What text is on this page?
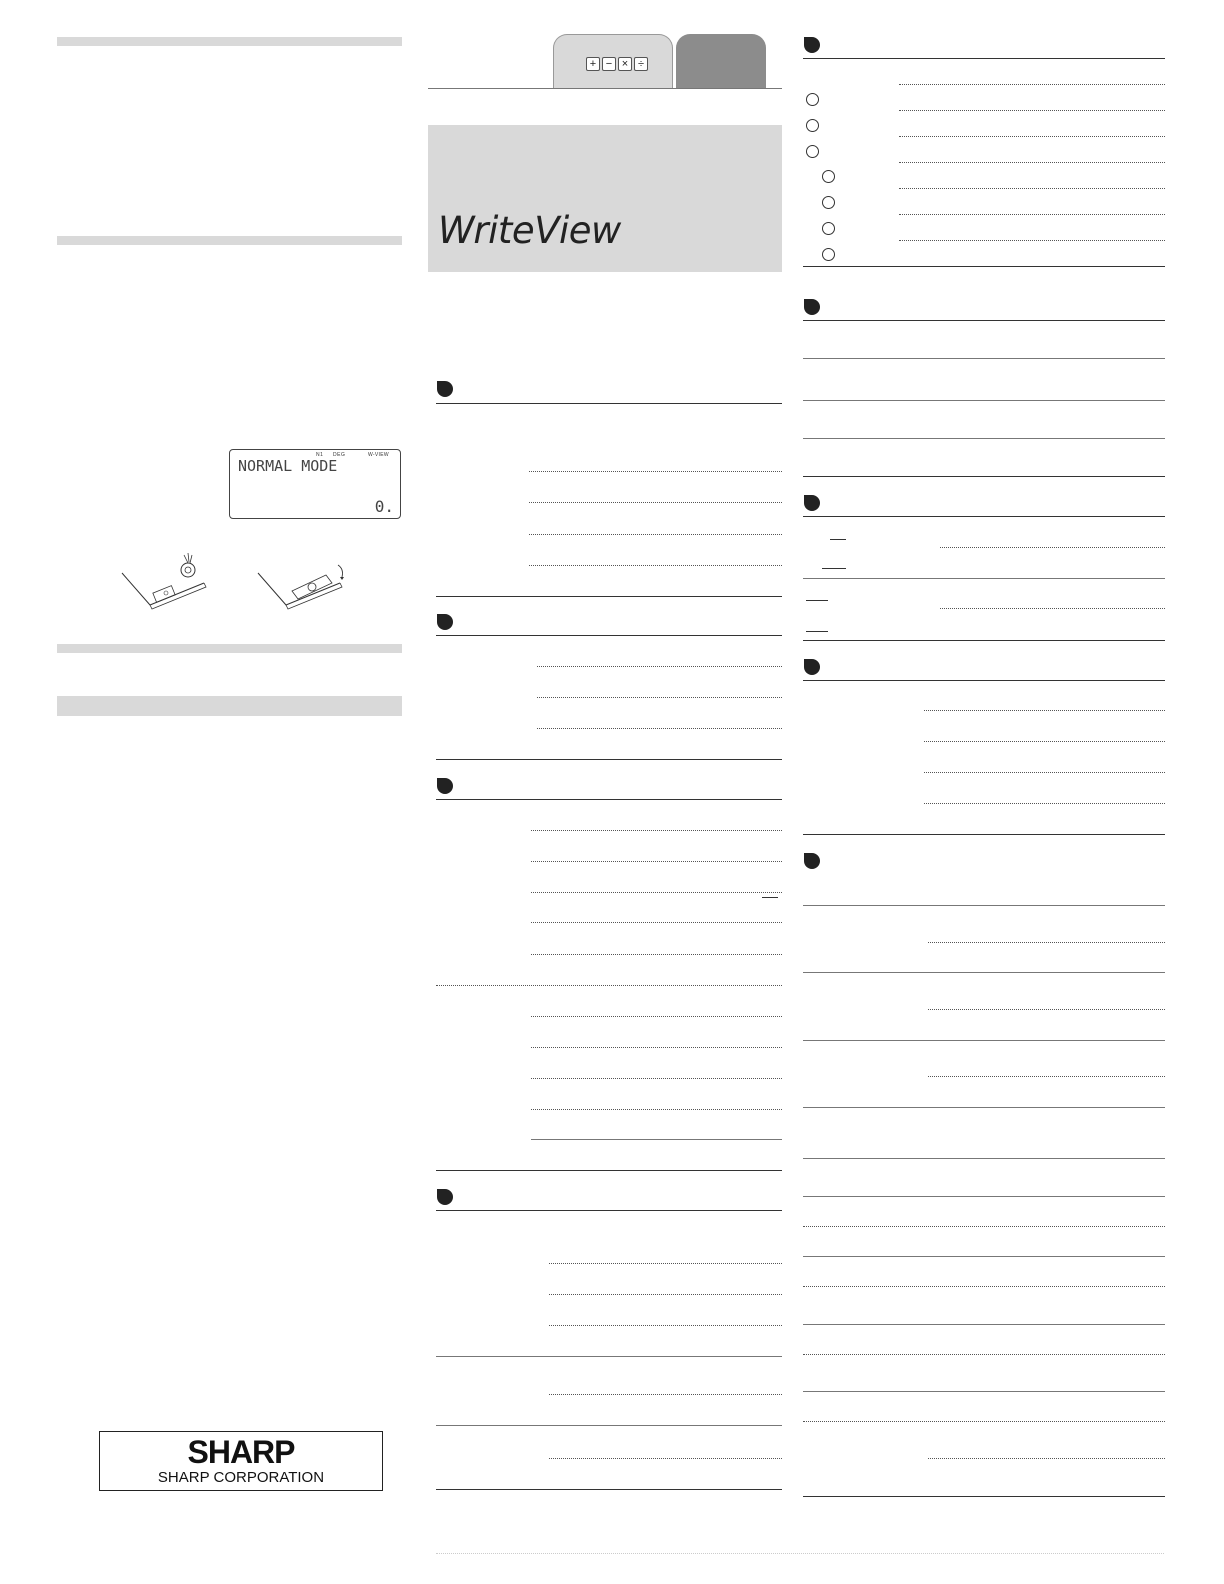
N1 DEG	W-VIEW
NORMAL MODE
0.
SHARP
SHARP CORPORATION
+ − × ÷
WriteView
